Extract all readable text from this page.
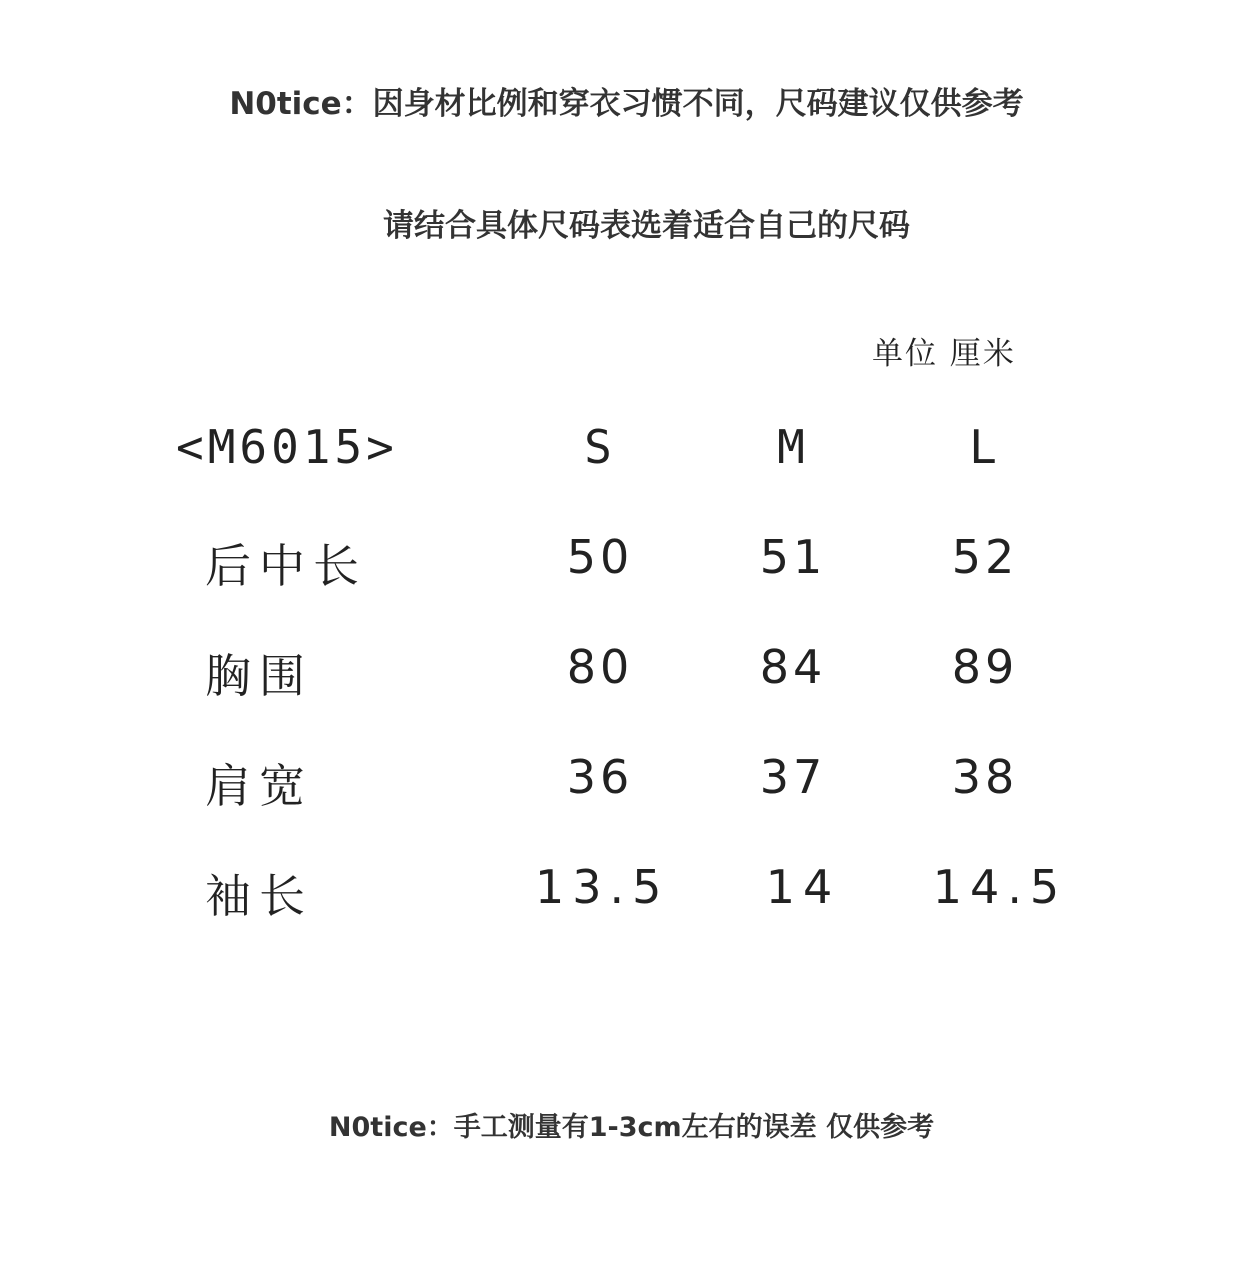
N0tice：因身材比例和穿衣习惯不同，尺码建议仅供参考
请结合具体尺码表选着适合自己的尺码
单位 厘米
<M6015>	S	M	L
后中长	50	51	52
胸围	80	84	89
肩宽	36	37	38
袖长	13.5	14	14.5
N0tice：手工测量有1-3cm左右的误差 仅供参考
